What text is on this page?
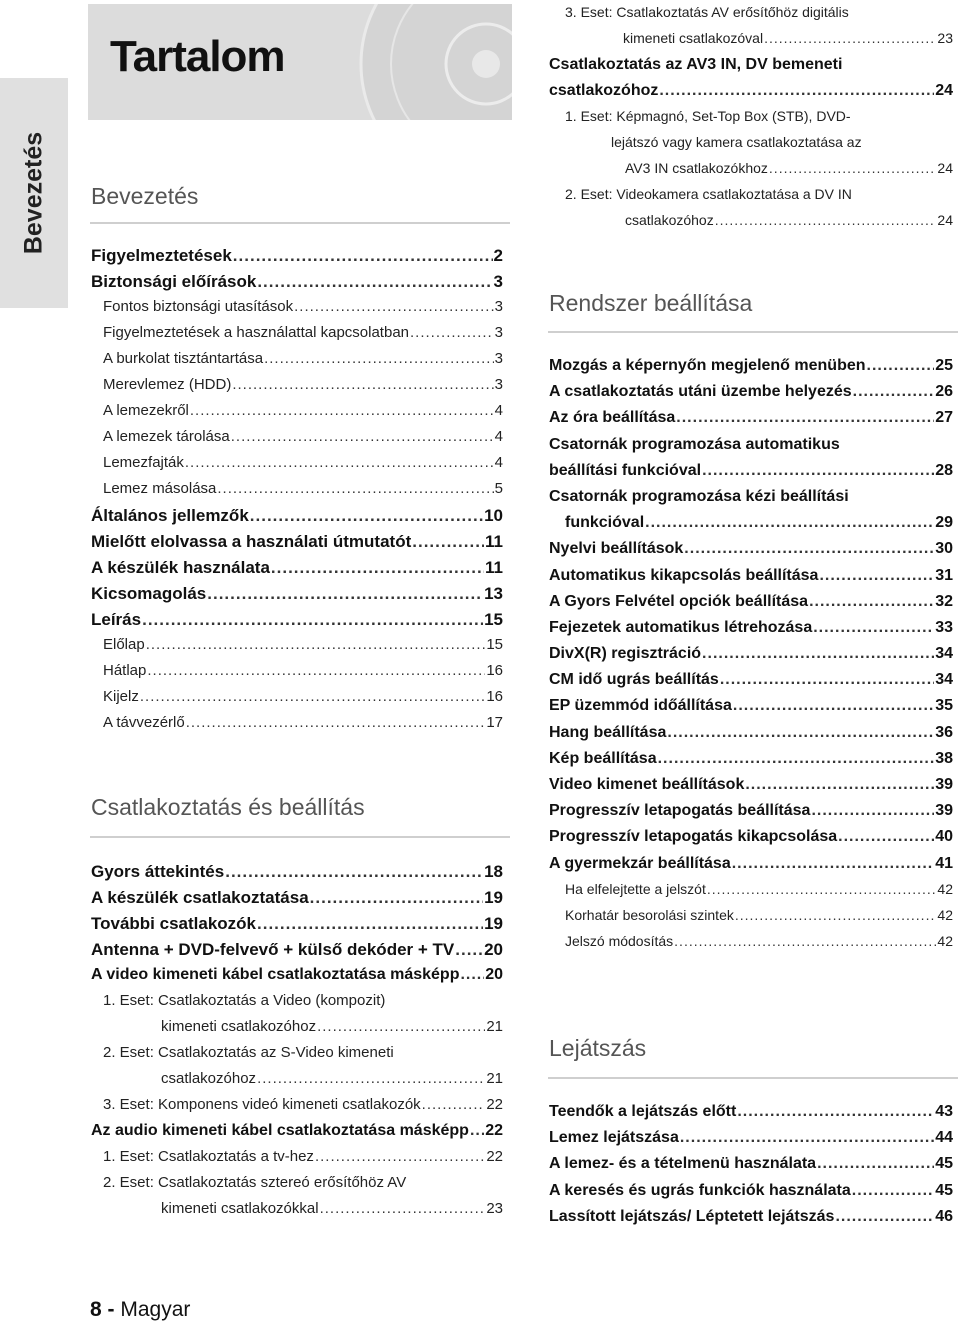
Bevezetés
Tartalom
Bevezetés
Figyelmeztetések .....	2
Biztonsági előírások .....	3
Fontos biztonsági utasítások .....	3
Figyelmeztetések a használattal kapcsolatban .....	3
A burkolat tisztántartása .....	3
Merevlemez (HDD) .....	3
A lemezekről .....	4
A lemezek tárolása .....	4
Lemezfajták .....	4
Lemez másolása .....	5
Általános jellemzők .....	10
Mielőtt elolvassa a használati útmutatót .....	11
A készülék használata .....	11
Kicsomagolás .....	13
Leírás .....	15
Előlap .....	15
Hátlap .....	16
Kijelz .....	16
A távvezérlő .....	17
Csatlakoztatás és beállítás
Gyors áttekintés .....	18
A készülék csatlakoztatása .....	19
További csatlakozók .....	19
Antenna + DVD-felvevő + külső dekóder + TV ..... 20
A video kimeneti kábel csatlakoztatása másképp ..... 20
1. Eset: Csatlakoztatás a Video (kompozit)
kimeneti csatlakozóhoz .....	21
2. Eset: Csatlakoztatás az S-Video kimeneti
csatlakozóhoz .....	21
3. Eset: Komponens videó kimeneti csatlakozók .....	22
Az audio kimeneti kábel csatlakoztatása másképp ..... 22
1. Eset: Csatlakoztatás a tv-hez .....	22
2. Eset: Csatlakoztatás sztereó erősítőhöz AV
kimeneti csatlakozókkal .....	23
3. Eset: Csatlakoztatás AV erősítőhöz digitális
kimeneti csatlakozóval .....	23
Csatlakoztatás az AV3 IN, DV bemeneti
csatlakozóhoz .....	24
1. Eset: Képmagnó, Set-Top Box (STB), DVD-
lejátszó vagy kamera csatlakoztatása az
AV3 IN csatlakozókhoz .....	24
2. Eset: Videokamera csatlakoztatása a DV IN
csatlakozóhoz .....	24
Rendszer beállítása
Mozgás a képernyőn megjelenő menüben .....	25
A csatlakoztatás utáni üzembe helyezés .....	26
Az óra beállítása .....	27
Csatornák programozása automatikus
beállítási funkcióval .....	28
Csatornák programozása kézi beállítási
funkcióval .....	29
Nyelvi beállítások .....	30
Automatikus kikapcsolás beállítása .....	31
A Gyors Felvétel opciók beállítása .....	32
Fejezetek automatikus létrehozása .....	33
DivX(R) regisztráció .....	34
CM idő ugrás beállítás .....	34
EP üzemmód időállítása .....	35
Hang beállítása .....	36
Kép beállítása .....	38
Video kimenet beállítások .....	39
Progresszív letapogatás beállítása .....	39
Progresszív letapogatás kikapcsolása .....	40
A gyermekzár beállítása .....	41
Ha elfelejtette a jelszót .....	42
Korhatár besorolási szintek .....	42
Jelszó módosítás .....	42
Lejátszás
Teendők a lejátszás előtt .....	43
Lemez lejátszása .....	44
A lemez- és a tételmenü használata .....	45
A keresés és ugrás funkciók használata .....	45
Lassított lejátszás/ Léptetett lejátszás .....	46
8 - Magyar
